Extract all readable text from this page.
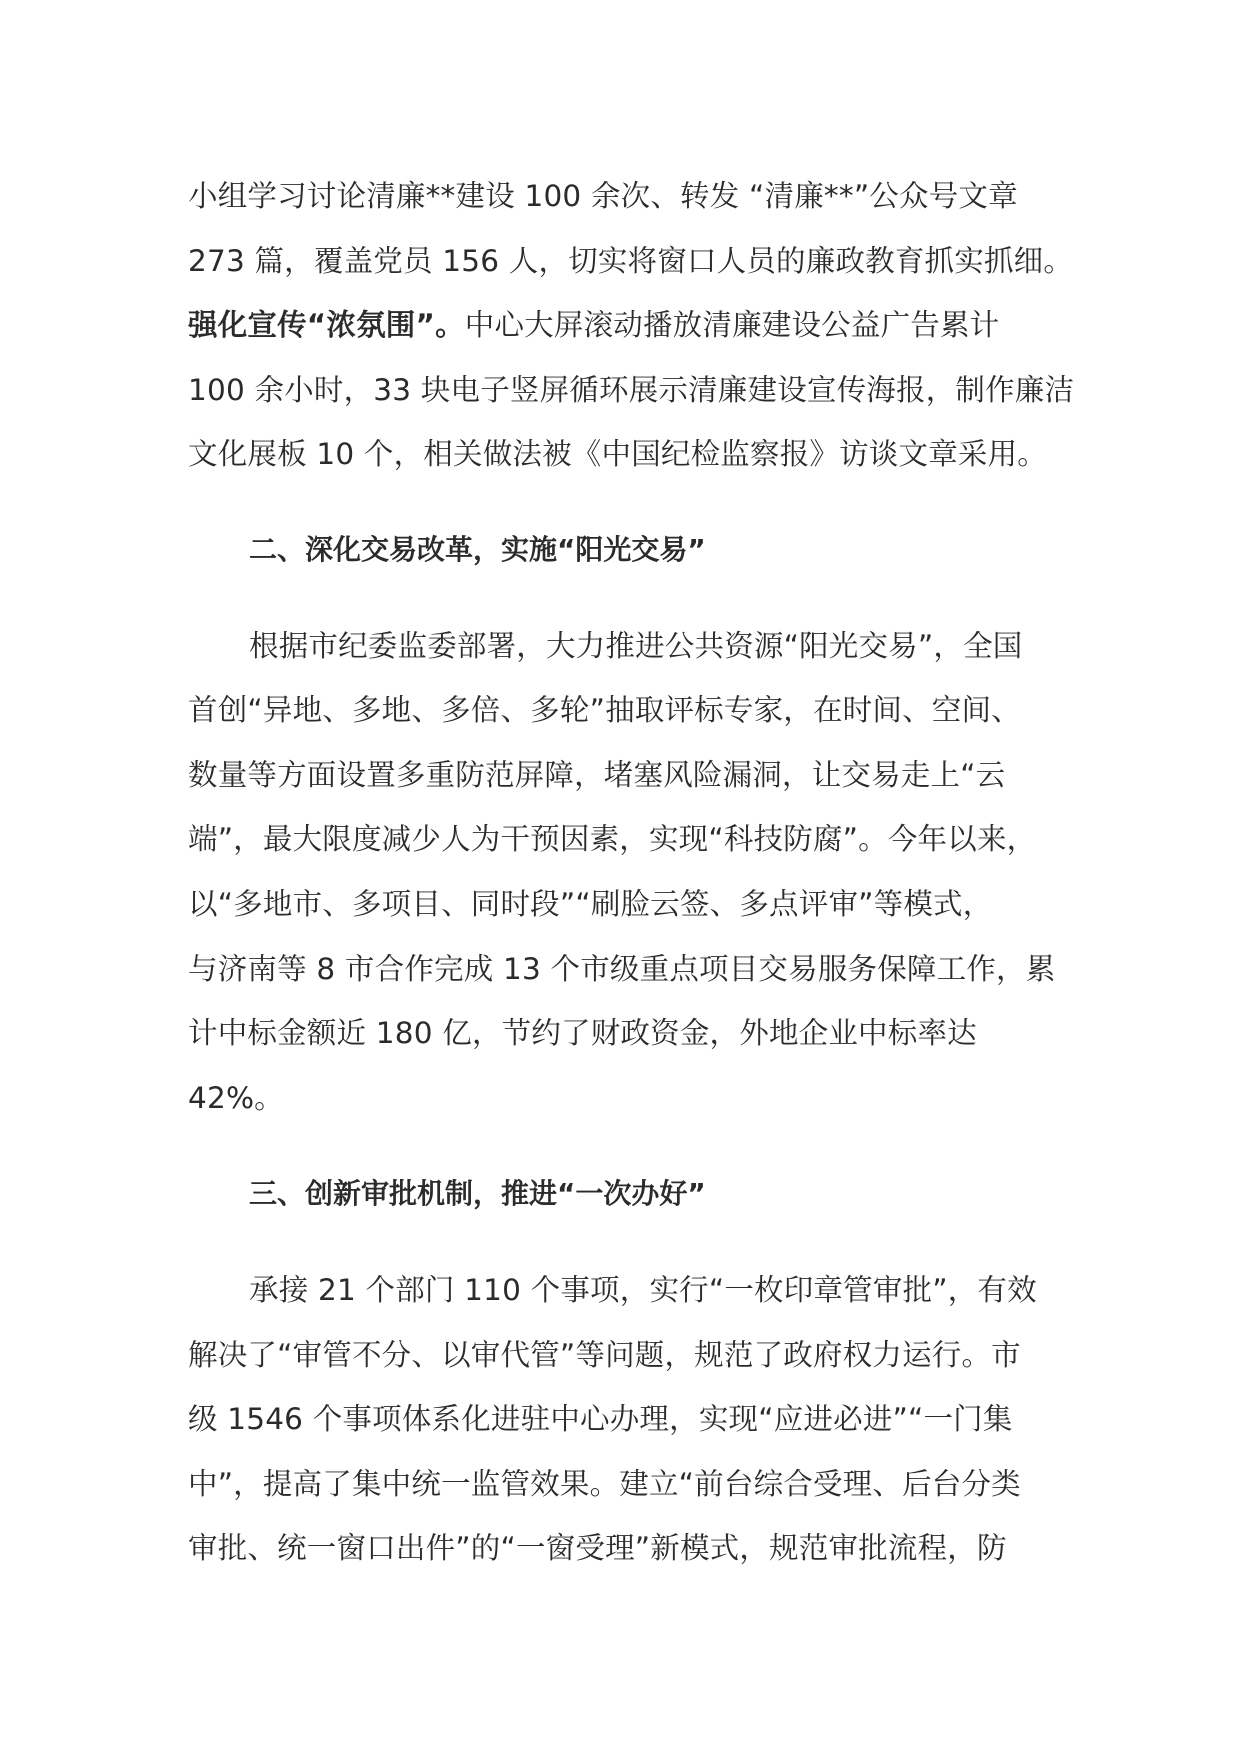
小组学习讨论清廉**建设 100 余次、转发 “清廉**”公众号文章
273 篇，覆盖党员 156 人，切实将窗口人员的廉政教育抓实抓细。
强化宣传“浓氛围”。中心大屏滚动播放清廉建设公益广告累计
100 余小时，33 块电子竖屏循环展示清廉建设宣传海报，制作廉洁
文化展板 10 个，相关做法被《中国纪检监察报》访谈文章采用。
二、深化交易改革，实施“阳光交易”
根据市纪委监委部署，大力推进公共资源“阳光交易”，全国
首创“异地、多地、多倍、多轮”抽取评标专家，在时间、空间、
数量等方面设置多重防范屏障，堵塞风险漏洞，让交易走上“云
端”，最大限度减少人为干预因素，实现“科技防腐”。今年以来，
以“多地市、多项目、同时段”“刷脸云签、多点评审”等模式，
与济南等 8 市合作完成 13 个市级重点项目交易服务保障工作，累
计中标金额近 180 亿，节约了财政资金，外地企业中标率达
42%。
三、创新审批机制，推进“一次办好”
承接 21 个部门 110 个事项，实行“一枚印章管审批”，有效
解决了“审管不分、以审代管”等问题，规范了政府权力运行。市
级 1546 个事项体系化进驻中心办理，实现“应进必进”“一门集
中”，提高了集中统一监管效果。建立“前台综合受理、后台分类
审批、统一窗口出件”的“一窗受理”新模式，规范审批流程，防
